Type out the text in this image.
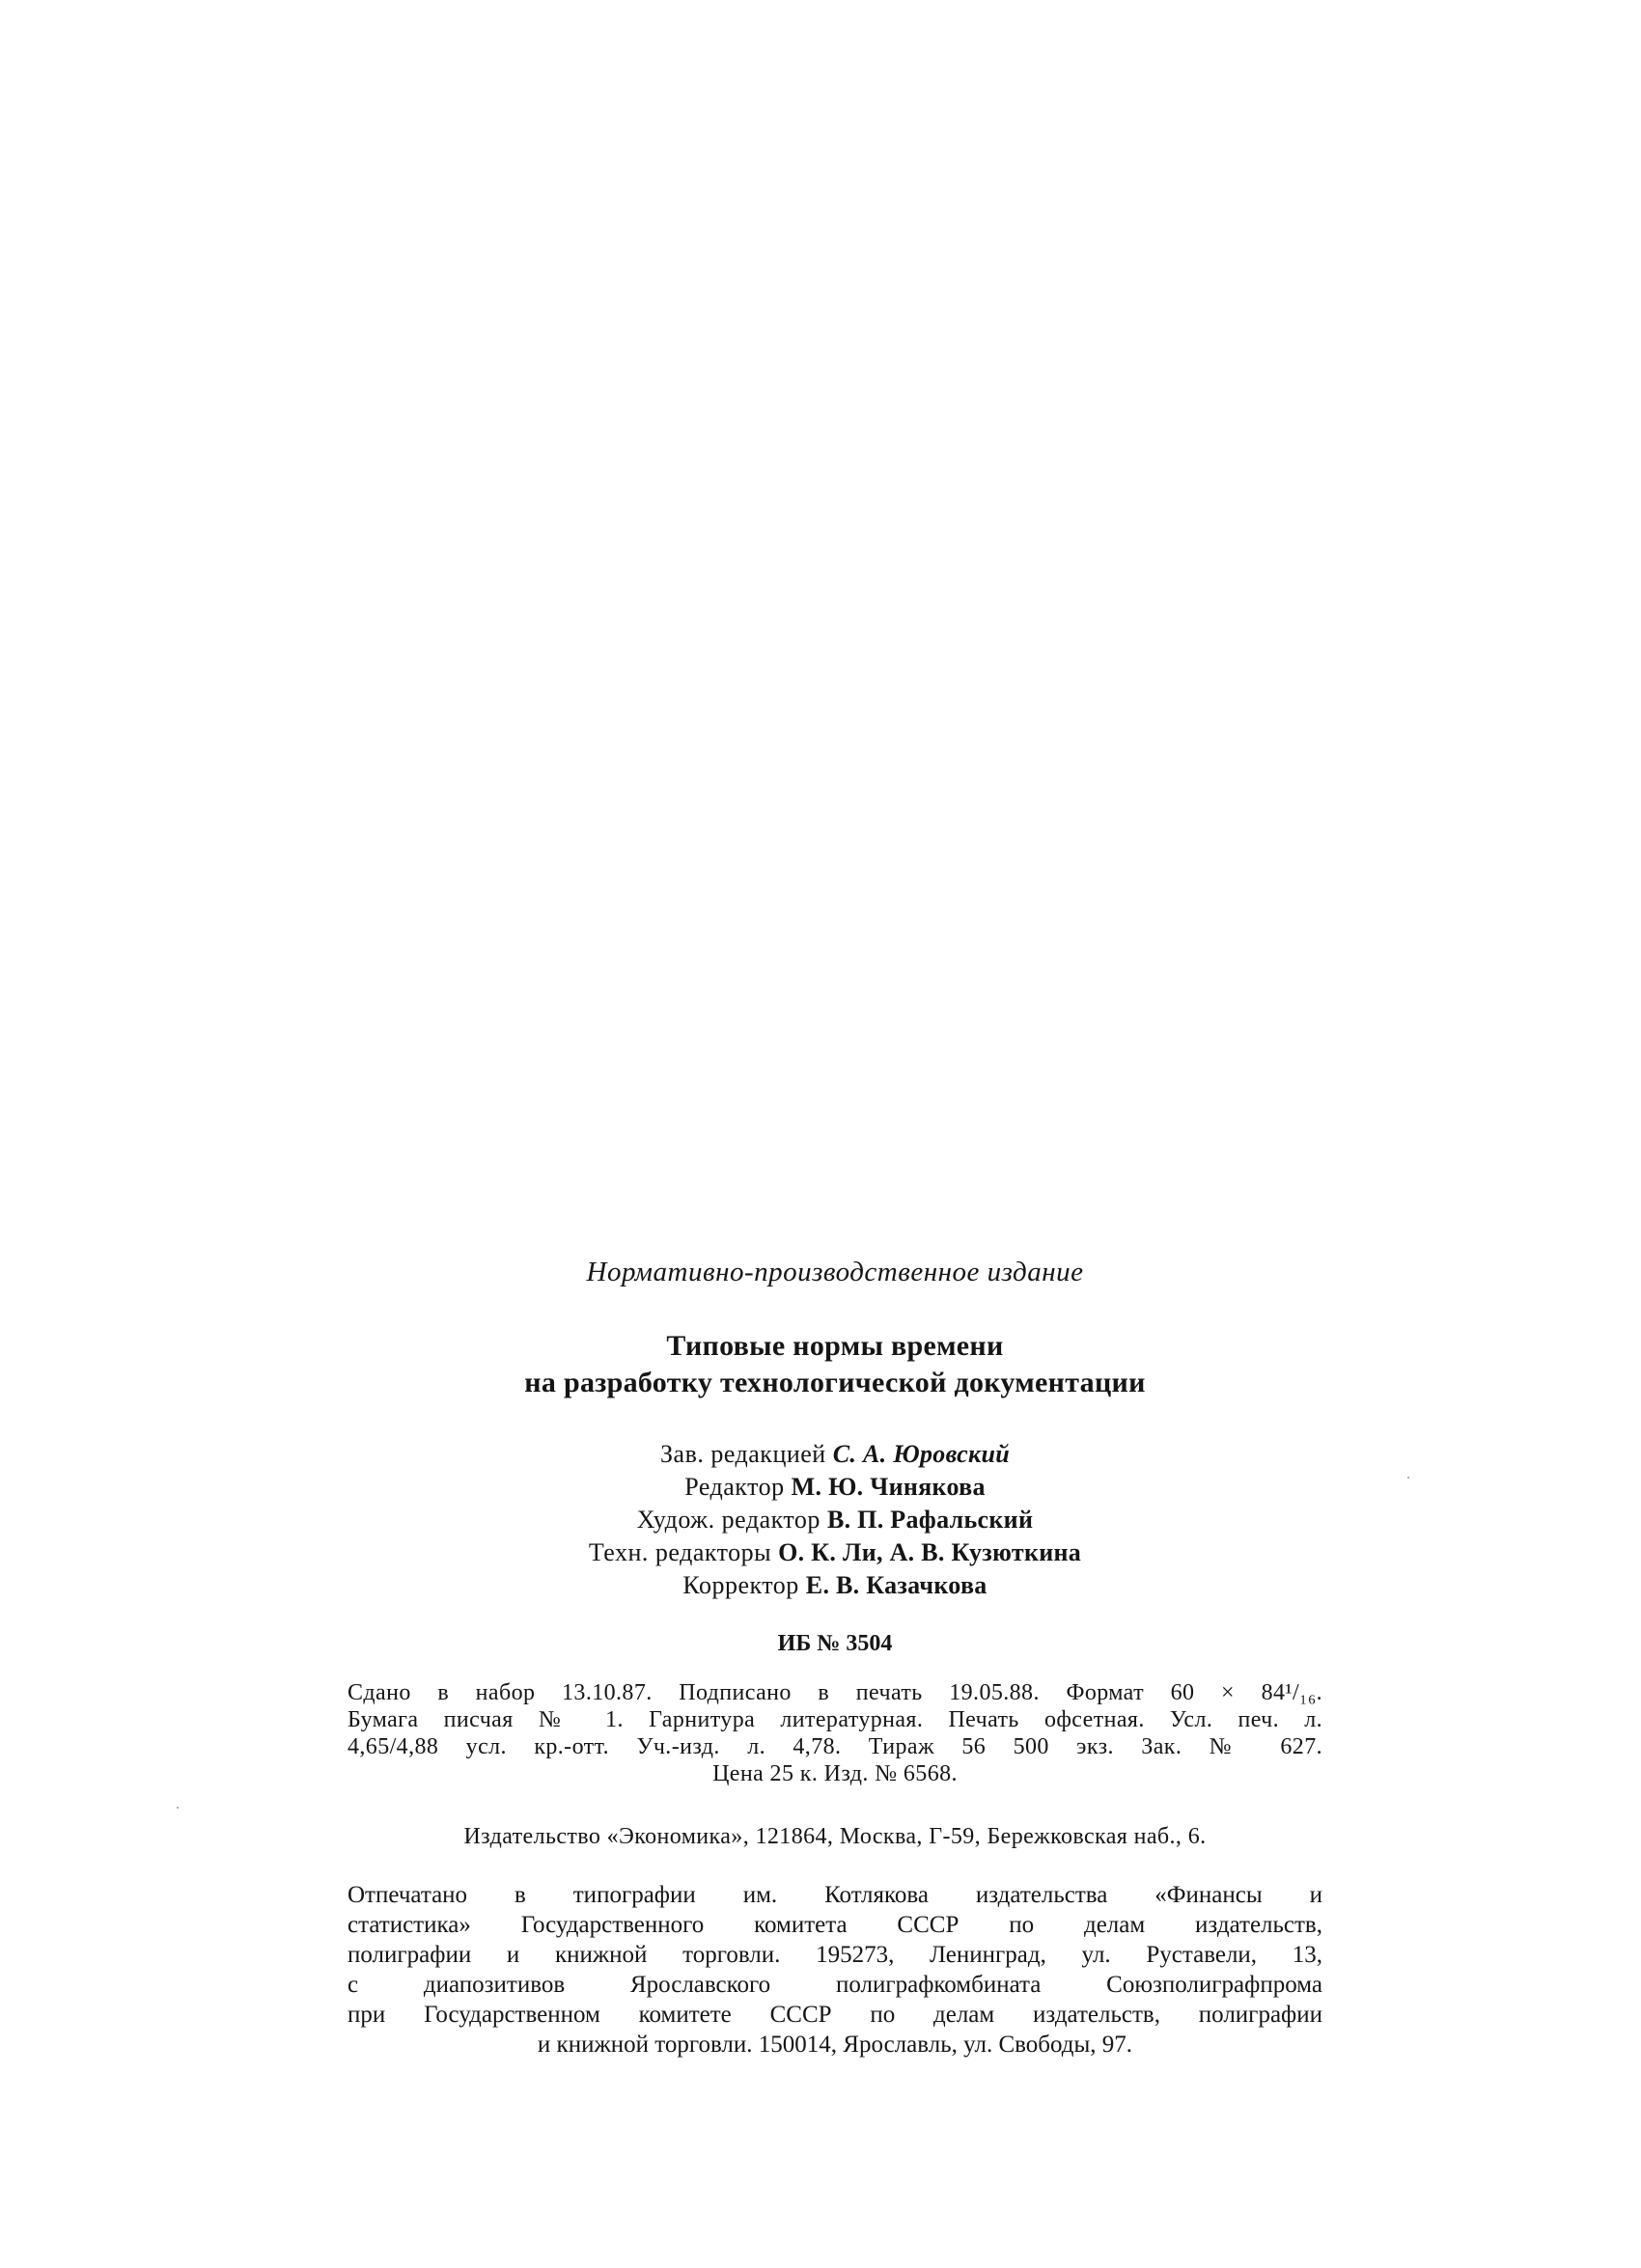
Нормативно-производственное издание

Типовые нормы времени
на разработку технологической документации
Зав. редакцией С. А. Юровский
Редактор М. Ю. Чинякова
Худож. редактор В. П. Рафальский
Техн. редакторы О. К. Ли, А. В. Кузюткина
Корректор Е. В. Казачкова
ИБ № 3504
Сдано в набор 13.10.87. Подписано в печать 19.05.88. Формат 60 × 84¹/₁₆.
Бумага писчая № 1. Гарнитура литературная. Печать офсетная. Усл. печ. л.
4,65/4,88 усл. кр.-отт. Уч.-изд. л. 4,78. Тираж 56 500 экз. Зак. № 627.
Цена 25 к. Изд. № 6568.
Издательство «Экономика», 121864, Москва, Г-59, Бережковская наб., 6.
Отпечатано в типографии им. Котлякова издательства «Финансы и
статистика» Государственного комитета СССР по делам издательств,
полиграфии и книжной торговли. 195273, Ленинград, ул. Руставели, 13,
с диапозитивов Ярославского полиграфкомбината Союзполиграфпрома
при Государственном комитете СССР по делам издательств, полиграфии
и книжной торговли. 150014, Ярославль, ул. Свободы, 97.
